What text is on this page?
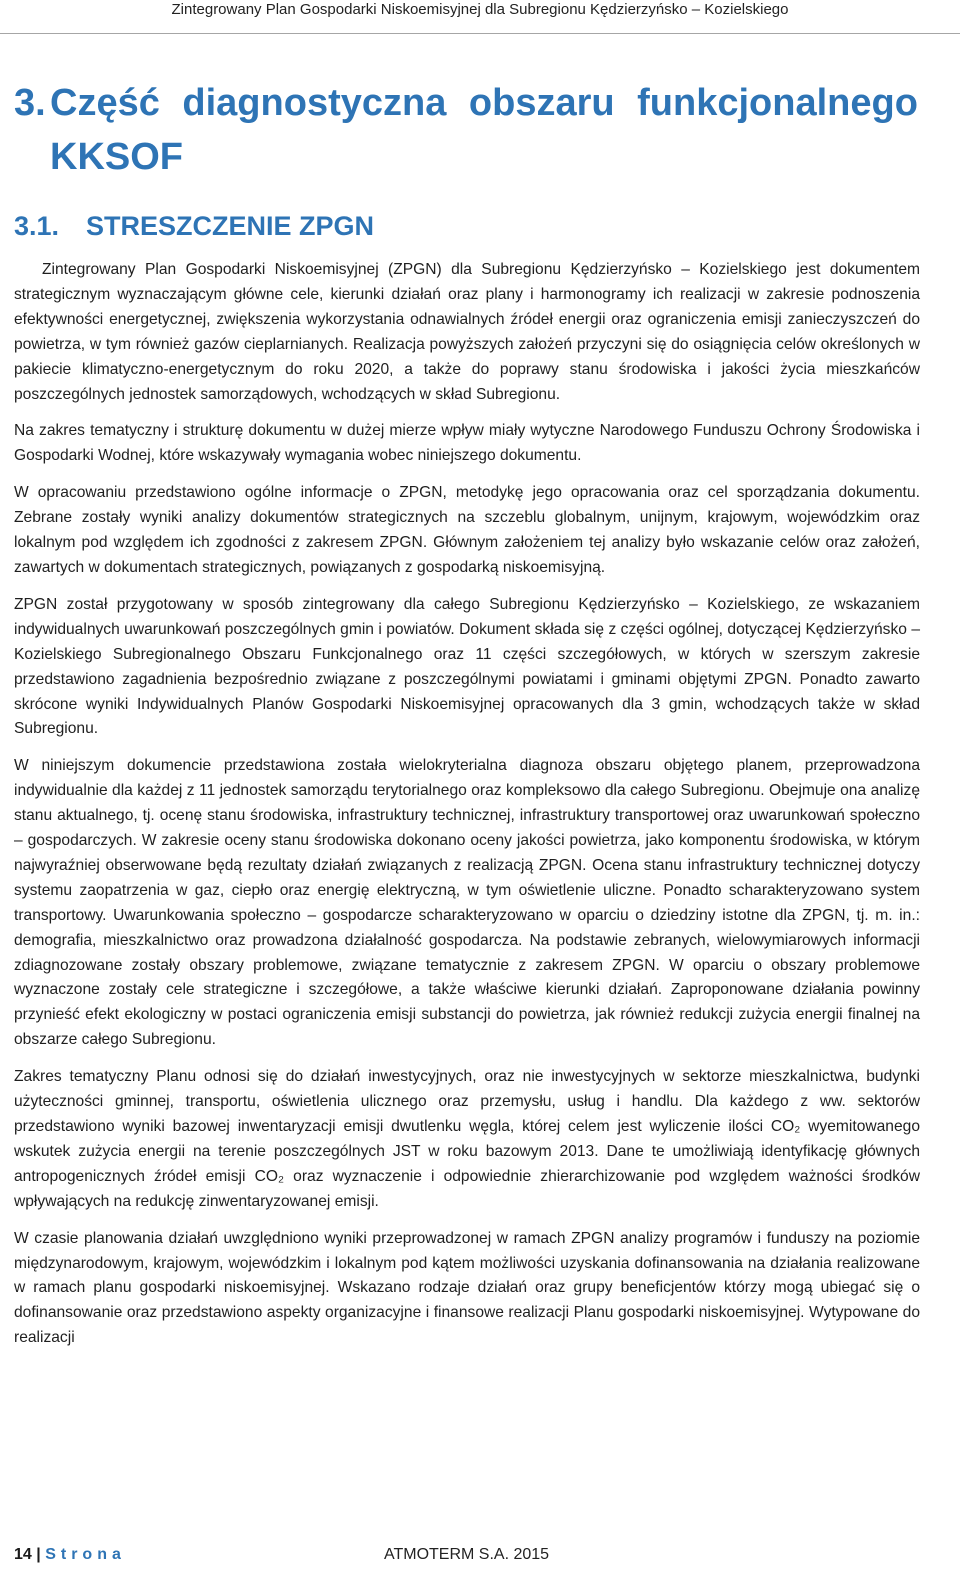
Zintegrowany Plan Gospodarki Niskoemisyjnej dla Subregionu Kędzierzyńsko – Kozielskiego
3. Część diagnostyczna obszaru funkcjonalnego
KKSOF
3.1. STRESZCZENIE ZPGN

Zintegrowany Plan Gospodarki Niskoemisyjnej (ZPGN) dla Subregionu Kędzierzyńsko – Kozielskiego jest dokumentem strategicznym wyznaczającym główne cele, kierunki działań oraz plany i harmonogramy ich realizacji w zakresie podnoszenia efektywności energetycznej, zwiększenia wykorzystania odnawialnych źródeł energii oraz ograniczenia emisji zanieczyszczeń do powietrza, w tym również gazów cieplarnianych. Realizacja powyższych założeń przyczyni się do osiągnięcia celów określonych w pakiecie klimatyczno-energetycznym do roku 2020, a także do poprawy stanu środowiska i jakości życia mieszkańców poszczególnych jednostek samorządowych, wchodzących w skład Subregionu.

Na zakres tematyczny i strukturę dokumentu w dużej mierze wpływ miały wytyczne Narodowego Funduszu Ochrony Środowiska i Gospodarki Wodnej, które wskazywały wymagania wobec niniejszego dokumentu.

W opracowaniu przedstawiono ogólne informacje o ZPGN, metodykę jego opracowania oraz cel sporządzania dokumentu. Zebrane zostały wyniki analizy dokumentów strategicznych na szczeblu globalnym, unijnym, krajowym, wojewódzkim oraz lokalnym pod względem ich zgodności z zakresem ZPGN. Głównym założeniem tej analizy było wskazanie celów oraz założeń, zawartych w dokumentach strategicznych, powiązanych z gospodarką niskoemisyjną.

ZPGN został przygotowany w sposób zintegrowany dla całego Subregionu Kędzierzyńsko – Kozielskiego, ze wskazaniem indywidualnych uwarunkowań poszczególnych gmin i powiatów. Dokument składa się z części ogólnej, dotyczącej Kędzierzyńsko – Kozielskiego Subregionalnego Obszaru Funkcjonalnego oraz 11 części szczegółowych, w których w szerszym zakresie przedstawiono zagadnienia bezpośrednio związane z poszczególnymi powiatami i gminami objętymi ZPGN. Ponadto zawarto skrócone wyniki Indywidualnych Planów Gospodarki Niskoemisyjnej opracowanych dla 3 gmin, wchodzących także w skład Subregionu.

W niniejszym dokumencie przedstawiona została wielokryterialna diagnoza obszaru objętego planem, przeprowadzona indywidualnie dla każdej z 11 jednostek samorządu terytorialnego oraz kompleksowo dla całego Subregionu. Obejmuje ona analizę stanu aktualnego, tj. ocenę stanu środowiska, infrastruktury technicznej, infrastruktury transportowej oraz uwarunkowań społeczno – gospodarczych. W zakresie oceny stanu środowiska dokonano oceny jakości powietrza, jako komponentu środowiska, w którym najwyraźniej obserwowane będą rezultaty działań związanych z realizacją ZPGN. Ocena stanu infrastruktury technicznej dotyczy systemu zaopatrzenia w gaz, ciepło oraz energię elektryczną, w tym oświetlenie uliczne. Ponadto scharakteryzowano system transportowy. Uwarunkowania społeczno – gospodarcze scharakteryzowano w oparciu o dziedziny istotne dla ZPGN, tj. m. in.: demografia, mieszkalnictwo oraz prowadzona działalność gospodarcza. Na podstawie zebranych, wielowymiarowych informacji zdiagnozowane zostały obszary problemowe, związane tematycznie z zakresem ZPGN. W oparciu o obszary problemowe wyznaczone zostały cele strategiczne i szczegółowe, a także właściwe kierunki działań. Zaproponowane działania powinny przynieść efekt ekologiczny w postaci ograniczenia emisji substancji do powietrza, jak również redukcji zużycia energii finalnej na obszarze całego Subregionu.

Zakres tematyczny Planu odnosi się do działań inwestycyjnych, oraz nie inwestycyjnych w sektorze mieszkalnictwa, budynki użyteczności gminnej, transportu, oświetlenia ulicznego oraz przemysłu, usług i handlu. Dla każdego z ww. sektorów przedstawiono wyniki bazowej inwentaryzacji emisji dwutlenku węgla, której celem jest wyliczenie ilości CO₂ wyemitowanego wskutek zużycia energii na terenie poszczególnych JST w roku bazowym 2013. Dane te umożliwiają identyfikację głównych antropogenicznych źródeł emisji CO₂ oraz wyznaczenie i odpowiednie zhierarchizowanie pod względem ważności środków wpływających na redukcję zinwentaryzowanej emisji.

W czasie planowania działań uwzględniono wyniki przeprowadzonej w ramach ZPGN analizy programów i funduszy na poziomie międzynarodowym, krajowym, wojewódzkim i lokalnym pod kątem możliwości uzyskania dofinansowania na działania realizowane w ramach planu gospodarki niskoemisyjnej. Wskazano rodzaje działań oraz grupy beneficjentów którzy mogą ubiegać się o dofinansowanie oraz przedstawiono aspekty organizacyjne i finansowe realizacji Planu gospodarki niskoemisyjnej. Wytypowane do realizacji

14 | Strona	ATMOTERM S.A. 2015
